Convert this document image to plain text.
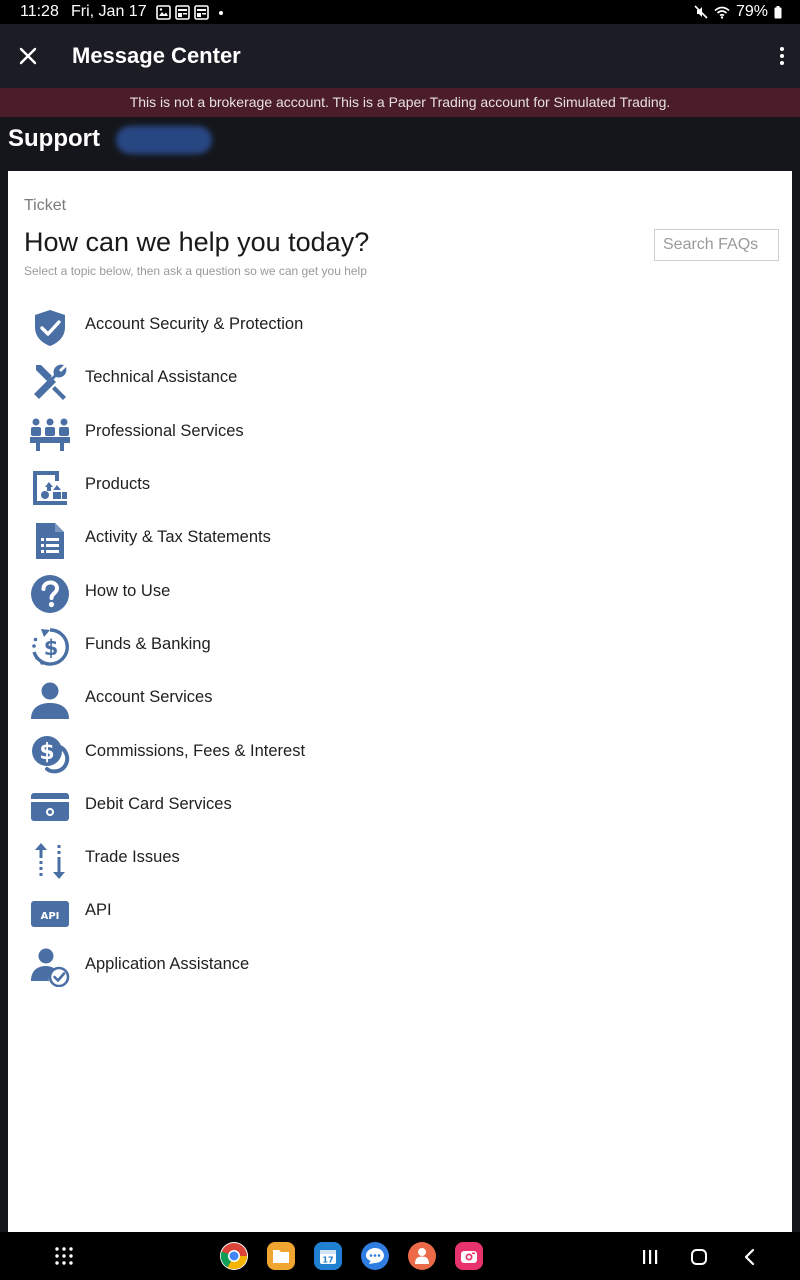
11:28 Fri, Jan 17	79%
Message Center
This is not a brokerage account. This is a Paper Trading account for Simulated Trading.
Support
Ticket
How can we help you today?

Select a topic below, then ask a question so we can get you help

Search FAQs
Account Security & Protection
Technical Assistance
Professional Services
Products
Activity & Tax Statements
How to Use
$ Funds & Banking
Account Services
$ Commissions, Fees & Interest
Debit Card Services
Trade Issues
API API
Application Assistance
17
